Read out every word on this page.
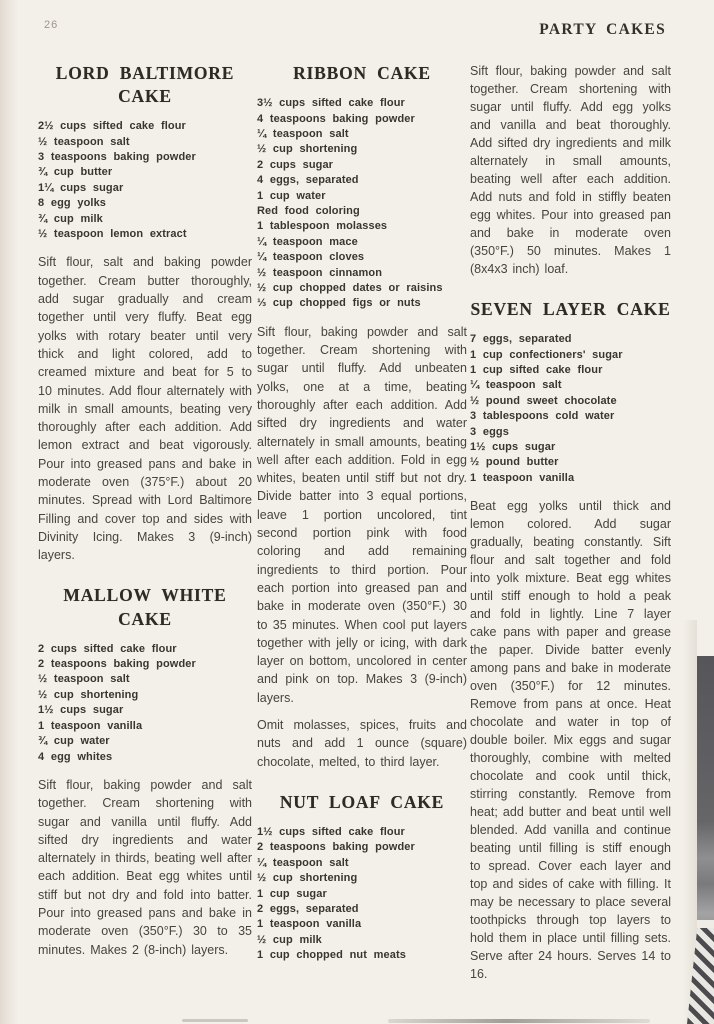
26	PARTY CAKES
LORD BALTIMORE
CAKE
2½ cups sifted cake flour
½ teaspoon salt
3 teaspoons baking powder
¾ cup butter
1¼ cups sugar
8 egg yolks
¾ cup milk
½ teaspoon lemon extract

Sift flour, salt and baking powder together. Cream butter thoroughly, add sugar gradually and cream together until very fluffy. Beat egg yolks with rotary beater until very thick and light colored, add to creamed mixture and beat for 5 to 10 minutes. Add flour alternately with milk in small amounts, beating very thoroughly after each addition. Add lemon extract and beat vigorously. Pour into greased pans and bake in moderate oven (375°F.) about 20 minutes. Spread with Lord Baltimore Filling and cover top and sides with Divinity Icing. Makes 3 (9-inch) layers.

MALLOW WHITE
CAKE
2 cups sifted cake flour
2 teaspoons baking powder
½ teaspoon salt
½ cup shortening
1½ cups sugar
1 teaspoon vanilla
¾ cup water
4 egg whites

Sift flour, baking powder and salt together. Cream shortening with sugar and vanilla until fluffy. Add sifted dry ingredients and water alternately in thirds, beating well after each addition. Beat egg whites until stiff but not dry and fold into batter. Pour into greased pans and bake in moderate oven (350°F.) 30 to 35 minutes. Makes 2 (8-inch) layers.

RIBBON CAKE
3½ cups sifted cake flour
4 teaspoons baking powder
¼ teaspoon salt
½ cup shortening
2 cups sugar
4 eggs, separated
1 cup water
Red food coloring
1 tablespoon molasses
¼ teaspoon mace
¼ teaspoon cloves
½ teaspoon cinnamon
½ cup chopped dates or raisins
⅓ cup chopped figs or nuts

Sift flour, baking powder and salt together. Cream shortening with sugar until fluffy. Add unbeaten yolks, one at a time, beating thoroughly after each addition. Add sifted dry ingredients and water alternately in small amounts, beating well after each addition. Fold in egg whites, beaten until stiff but not dry. Divide batter into 3 equal portions, leave 1 portion uncolored, tint second portion pink with food coloring and add remaining ingredients to third portion. Pour each portion into greased pan and bake in moderate oven (350°F.) 30 to 35 minutes. When cool put layers together with jelly or icing, with dark layer on bottom, uncolored in center and pink on top. Makes 3 (9-inch) layers.

Omit molasses, spices, fruits and nuts and add 1 ounce (square) chocolate, melted, to third layer.

NUT LOAF CAKE
1½ cups sifted cake flour
2 teaspoons baking powder
¼ teaspoon salt
½ cup shortening
1 cup sugar
2 eggs, separated
1 teaspoon vanilla
½ cup milk
1 cup chopped nut meats

Sift flour, baking powder and salt together. Cream shortening with sugar until fluffy. Add egg yolks and vanilla and beat thoroughly. Add sifted dry ingredients and milk alternately in small amounts, beating well after each addition. Add nuts and fold in stiffly beaten egg whites. Pour into greased pan and bake in moderate oven (350°F.) 50 minutes. Makes 1 (8x4x3 inch) loaf.

SEVEN LAYER CAKE
7 eggs, separated
1 cup confectioners' sugar
1 cup sifted cake flour
¼ teaspoon salt
½ pound sweet chocolate
3 tablespoons cold water
3 eggs
1½ cups sugar
½ pound butter
1 teaspoon vanilla

Beat egg yolks until thick and lemon colored. Add sugar gradually, beating constantly. Sift flour and salt together and fold into yolk mixture. Beat egg whites until stiff enough to hold a peak and fold in lightly. Line 7 layer cake pans with paper and grease the paper. Divide batter evenly among pans and bake in moderate oven (350°F.) for 12 minutes. Remove from pans at once. Heat chocolate and water in top of double boiler. Mix eggs and sugar thoroughly, combine with melted chocolate and cook until thick, stirring constantly. Remove from heat; add butter and beat until well blended. Add vanilla and continue beating until filling is stiff enough to spread. Cover each layer and top and sides of cake with filling. It may be necessary to place several toothpicks through top layers to hold them in place until filling sets. Serve after 24 hours. Serves 14 to 16.
